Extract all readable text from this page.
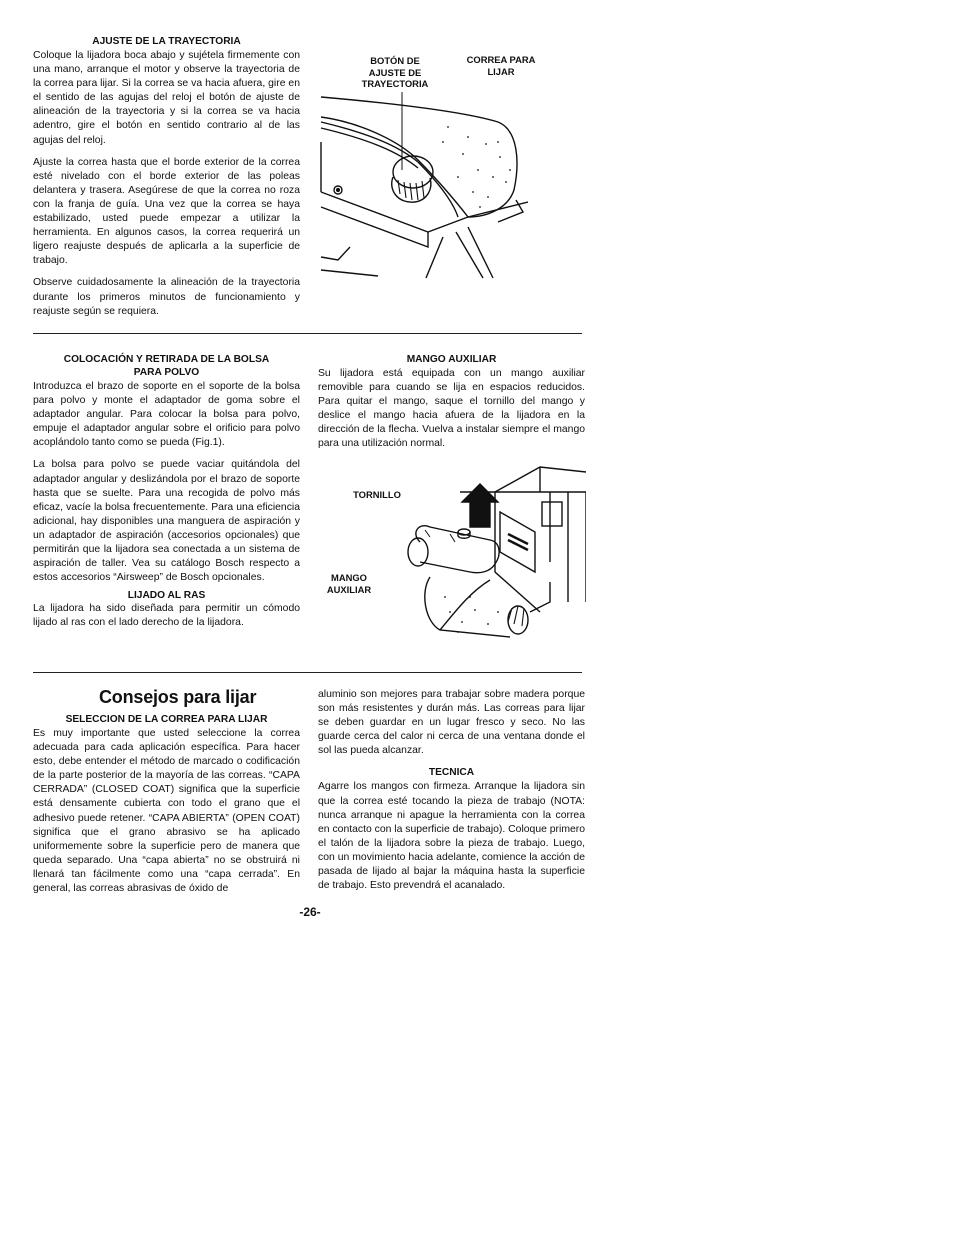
AJUSTE DE LA TRAYECTORIA

Coloque la lijadora boca abajo y sujétela firmemente con una mano, arranque el motor y observe la trayectoria de la correa para lijar. Si la correa se va hacia afuera, gire en el sentido de las agujas del reloj el botón de ajuste de alineación de la trayectoria y si la correa se va hacia adentro, gire el botón en sentido contrario al de las agujas del reloj.

Ajuste la correa hasta que el borde exterior de la correa esté nivelado con el borde exterior de las poleas delantera y trasera. Asegúrese de que la correa no roza con la franja de guía. Una vez que la correa se haya estabilizado, usted puede empezar a utilizar la herramienta. En algunos casos, la correa requerirá un ligero reajuste después de aplicarla a la superficie de trabajo.

Observe cuidadosamente la alineación de la trayectoria durante los primeros minutos de funcionamiento y reajuste según se requiera.

BOTÓN DE AJUSTE DE TRAYECTORIA
CORREA PARA LIJAR
COLOCACIÓN Y RETIRADA DE LA BOLSA
PARA POLVO

Introduzca el brazo de soporte en el soporte de la bolsa para polvo y monte el adaptador de goma sobre el adaptador angular. Para colocar la bolsa para polvo, empuje el adaptador angular sobre el orificio para polvo acoplándolo tanto como se pueda (Fig.1).

La bolsa para polvo se puede vaciar quitándola del adaptador angular y deslizándola por el brazo de soporte hasta que se suelte. Para una recogida de polvo más eficaz, vacíe la bolsa frecuentemente. Para una eficiencia adicional, hay disponibles una manguera de aspiración y un adaptador de aspiración (accesorios opcionales) que permitirán que la lijadora sea conectada a un sistema de aspiración de taller. Vea su catálogo Bosch respecto a estos accesorios “Airsweep” de Bosch opcionales.

LIJADO AL RAS

La lijadora ha sido diseñada para permitir un cómodo lijado al ras con el lado derecho de la lijadora.

MANGO AUXILIAR

Su lijadora está equipada con un mango auxiliar removible para cuando se lija en espacios reducidos. Para quitar el mango, saque el tornillo del mango y deslice el mango hacia afuera de la lijadora en la dirección de la flecha. Vuelva a instalar siempre el mango para una utilización normal.

TORNILLO
MANGO AUXILIAR
Consejos para lijar
SELECCION DE LA CORREA PARA LIJAR

Es muy importante que usted seleccione la correa adecuada para cada aplicación específica. Para hacer esto, debe entender el método de marcado o codificación de la parte posterior de la mayoría de las correas. “CAPA CERRADA” (CLOSED COAT) significa que la superficie está densamente cubierta con todo el grano que el adhesivo puede retener. “CAPA ABIERTA” (OPEN COAT) significa que el grano abrasivo se ha aplicado uniformemente sobre la superficie pero de manera que queda separado. Una “capa abierta” no se obstruirá ni llenará tan fácilmente como una “capa cerrada”. En general, las correas abrasivas de óxido de

aluminio son mejores para trabajar sobre madera porque son más resistentes y durán más. Las correas para lijar se deben guardar en un lugar fresco y seco. No las guarde cerca del calor ni cerca de una ventana donde el sol las pueda alcanzar.

TECNICA

Agarre los mangos con firmeza. Arranque la lijadora sin que la correa esté tocando la pieza de trabajo (NOTA: nunca arranque ni apague la herramienta con la correa en contacto con la superficie de trabajo). Coloque primero el talón de la lijadora sobre la pieza de trabajo. Luego, con un movimiento hacia adelante, comience la acción de pasada de lijado al bajar la máquina hasta la superficie de trabajo. Esto prevendrá el acanalado.

-26-
